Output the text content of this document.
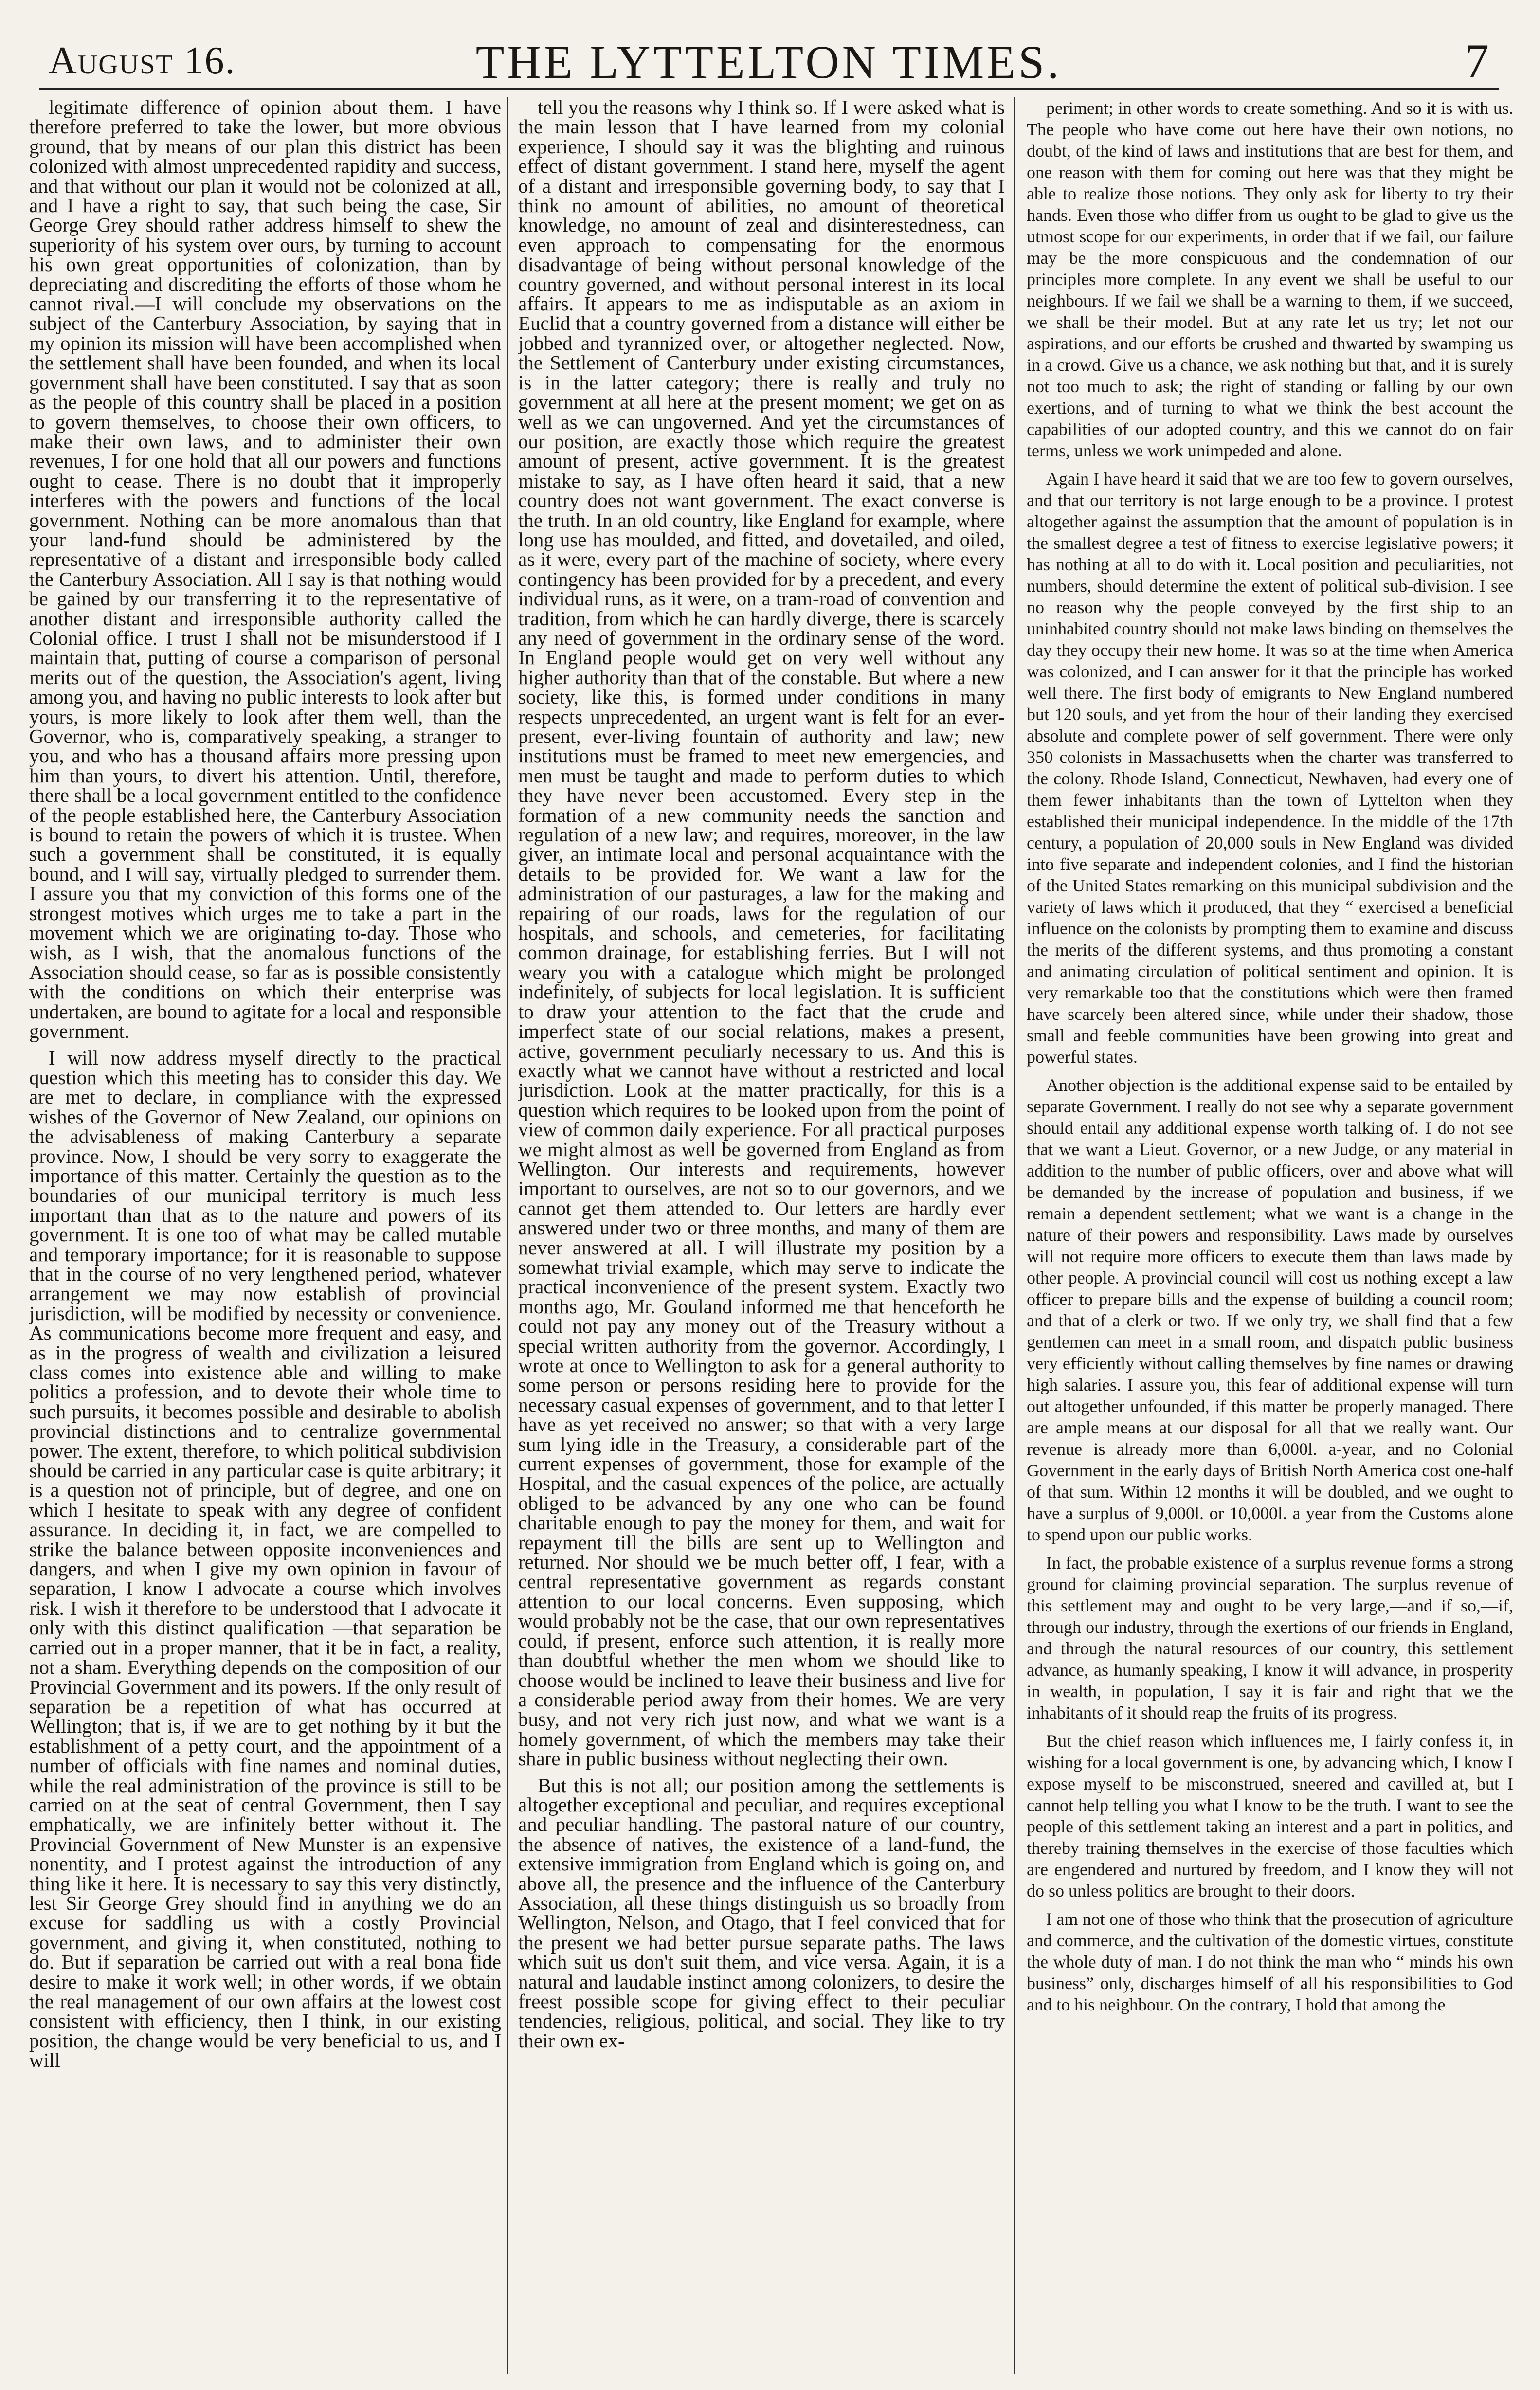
August 16.	THE LYTTELTON TIMES.	7

legitimate difference of opinion about them. I have therefore preferred to take the lower, but more obvious ground, that by means of our plan this district has been colonized with almost unprecedented rapidity and success, and that without our plan it would not be colonized at all, and I have a right to say, that such being the case, Sir George Grey should rather address himself to shew the superiority of his system over ours, by turning to account his own great opportunities of colonization, than by depreciating and discrediting the efforts of those whom he cannot rival.—I will conclude my observations on the subject of the Canterbury Association, by saying that in my opinion its mission will have been accomplished when the settlement shall have been founded, and when its local government shall have been constituted. I say that as soon as the people of this country shall be placed in a position to govern themselves, to choose their own officers, to make their own laws, and to administer their own revenues, I for one hold that all our powers and functions ought to cease. There is no doubt that it improperly interferes with the powers and functions of the local government. Nothing can be more anomalous than that your land-fund should be administered by the representative of a distant and irresponsible body called the Canterbury Association. All I say is that nothing would be gained by our transferring it to the representative of another distant and irresponsible authority called the Colonial office. I trust I shall not be misunderstood if I maintain that, putting of course a comparison of personal merits out of the question, the Association's agent, living among you, and having no public interests to look after but yours, is more likely to look after them well, than the Governor, who is, comparatively speaking, a stranger to you, and who has a thousand affairs more pressing upon him than yours, to divert his attention. Until, therefore, there shall be a local government entitled to the confidence of the people established here, the Canterbury Association is bound to retain the powers of which it is trustee. When such a government shall be constituted, it is equally bound, and I will say, virtually pledged to surrender them. I assure you that my conviction of this forms one of the strongest motives which urges me to take a part in the movement which we are originating to-day. Those who wish, as I wish, that the anomalous functions of the Association should cease, so far as is possible consistently with the conditions on which their enterprise was undertaken, are bound to agitate for a local and responsible government.

I will now address myself directly to the practical question which this meeting has to consider this day. We are met to declare, in compliance with the expressed wishes of the Governor of New Zealand, our opinions on the advisableness of making Canterbury a separate province. Now, I should be very sorry to exaggerate the importance of this matter. Certainly the question as to the boundaries of our municipal territory is much less important than that as to the nature and powers of its government. It is one too of what may be called mutable and temporary importance; for it is reasonable to suppose that in the course of no very lengthened period, whatever arrangement we may now establish of provincial jurisdiction, will be modified by necessity or convenience. As communications become more frequent and easy, and as in the progress of wealth and civilization a leisured class comes into existence able and willing to make politics a profession, and to devote their whole time to such pursuits, it becomes possible and desirable to abolish provincial distinctions and to centralize governmental power. The extent, therefore, to which political subdivision should be carried in any particular case is quite arbitrary; it is a question not of principle, but of degree, and one on which I hesitate to speak with any degree of confident assurance. In deciding it, in fact, we are compelled to strike the balance between opposite inconveniences and dangers, and when I give my own opinion in favour of separation, I know I advocate a course which involves risk. I wish it therefore to be understood that I advocate it only with this distinct qualification —that separation be carried out in a proper manner, that it be in fact, a reality, not a sham. Everything depends on the composition of our Provincial Government and its powers. If the only result of separation be a repetition of what has occurred at Wellington; that is, if we are to get nothing by it but the establishment of a petty court, and the appointment of a number of officials with fine names and nominal duties, while the real administration of the province is still to be carried on at the seat of central Government, then I say emphatically, we are infinitely better without it. The Provincial Government of New Munster is an expensive nonentity, and I protest against the introduction of any thing like it here. It is necessary to say this very distinctly, lest Sir George Grey should find in anything we do an excuse for saddling us with a costly Provincial government, and giving it, when constituted, nothing to do. But if separation be carried out with a real bona fide desire to make it work well; in other words, if we obtain the real management of our own affairs at the lowest cost consistent with efficiency, then I think, in our existing position, the change would be very beneficial to us, and I will

tell you the reasons why I think so. If I were asked what is the main lesson that I have learned from my colonial experience, I should say it was the blighting and ruinous effect of distant government. I stand here, myself the agent of a distant and irresponsible governing body, to say that I think no amount of abilities, no amount of theoretical knowledge, no amount of zeal and disinterestedness, can even approach to compensating for the enormous disadvantage of being without personal knowledge of the country governed, and without personal interest in its local affairs. It appears to me as indisputable as an axiom in Euclid that a country governed from a distance will either be jobbed and tyrannized over, or altogether neglected. Now, the Settlement of Canterbury under existing circumstances, is in the latter category; there is really and truly no government at all here at the present moment; we get on as well as we can ungoverned. And yet the circumstances of our position, are exactly those which require the greatest amount of present, active government. It is the greatest mistake to say, as I have often heard it said, that a new country does not want government. The exact converse is the truth. In an old country, like England for example, where long use has moulded, and fitted, and dovetailed, and oiled, as it were, every part of the machine of society, where every contingency has been provided for by a precedent, and every individual runs, as it were, on a tram-road of convention and tradition, from which he can hardly diverge, there is scarcely any need of government in the ordinary sense of the word. In England people would get on very well without any higher authority than that of the constable. But where a new society, like this, is formed under conditions in many respects unprecedented, an urgent want is felt for an ever-present, ever-living fountain of authority and law; new institutions must be framed to meet new emergencies, and men must be taught and made to perform duties to which they have never been accustomed. Every step in the formation of a new community needs the sanction and regulation of a new law; and requires, moreover, in the law giver, an intimate local and personal acquaintance with the details to be provided for. We want a law for the administration of our pasturages, a law for the making and repairing of our roads, laws for the regulation of our hospitals, and schools, and cemeteries, for facilitating common drainage, for establishing ferries. But I will not weary you with a catalogue which might be prolonged indefinitely, of subjects for local legislation. It is sufficient to draw your attention to the fact that the crude and imperfect state of our social relations, makes a present, active, government peculiarly necessary to us. And this is exactly what we cannot have without a restricted and local jurisdiction. Look at the matter practically, for this is a question which requires to be looked upon from the point of view of common daily experience. For all practical purposes we might almost as well be governed from England as from Wellington. Our interests and requirements, however important to ourselves, are not so to our governors, and we cannot get them attended to. Our letters are hardly ever answered under two or three months, and many of them are never answered at all. I will illustrate my position by a somewhat trivial example, which may serve to indicate the practical inconvenience of the present system. Exactly two months ago, Mr. Gouland informed me that henceforth he could not pay any money out of the Treasury without a special written authority from the governor. Accordingly, I wrote at once to Wellington to ask for a general authority to some person or persons residing here to provide for the necessary casual expenses of government, and to that letter I have as yet received no answer; so that with a very large sum lying idle in the Treasury, a considerable part of the current expenses of government, those for example of the Hospital, and the casual expences of the police, are actually obliged to be advanced by any one who can be found charitable enough to pay the money for them, and wait for repayment till the bills are sent up to Wellington and returned. Nor should we be much better off, I fear, with a central representative government as regards constant attention to our local concerns. Even supposing, which would probably not be the case, that our own representatives could, if present, enforce such attention, it is really more than doubtful whether the men whom we should like to choose would be inclined to leave their business and live for a considerable period away from their homes. We are very busy, and not very rich just now, and what we want is a homely government, of which the members may take their share in public business without neglecting their own.

But this is not all; our position among the settlements is altogether exceptional and peculiar, and requires exceptional and peculiar handling. The pastoral nature of our country, the absence of natives, the existence of a land-fund, the extensive immigration from England which is going on, and above all, the presence and the influence of the Canterbury Association, all these things distinguish us so broadly from Wellington, Nelson, and Otago, that I feel conviced that for the present we had better pursue separate paths. The laws which suit us don't suit them, and vice versa. Again, it is a natural and laudable instinct among colonizers, to desire the freest possible scope for giving effect to their peculiar tendencies, religious, political, and social. They like to try their own ex-

periment; in other words to create something. And so it is with us. The people who have come out here have their own notions, no doubt, of the kind of laws and institutions that are best for them, and one reason with them for coming out here was that they might be able to realize those notions. They only ask for liberty to try their hands. Even those who differ from us ought to be glad to give us the utmost scope for our experiments, in order that if we fail, our failure may be the more conspicuous and the condemnation of our principles more complete. In any event we shall be useful to our neighbours. If we fail we shall be a warning to them, if we succeed, we shall be their model. But at any rate let us try; let not our aspirations, and our efforts be crushed and thwarted by swamping us in a crowd. Give us a chance, we ask nothing but that, and it is surely not too much to ask; the right of standing or falling by our own exertions, and of turning to what we think the best account the capabilities of our adopted country, and this we cannot do on fair terms, unless we work unimpeded and alone.

Again I have heard it said that we are too few to govern ourselves, and that our territory is not large enough to be a province. I protest altogether against the assumption that the amount of population is in the smallest degree a test of fitness to exercise legislative powers; it has nothing at all to do with it. Local position and peculiarities, not numbers, should determine the extent of political sub-division. I see no reason why the people conveyed by the first ship to an uninhabited country should not make laws binding on themselves the day they occupy their new home. It was so at the time when America was colonized, and I can answer for it that the principle has worked well there. The first body of emigrants to New England numbered but 120 souls, and yet from the hour of their landing they exercised absolute and complete power of self government. There were only 350 colonists in Massachusetts when the charter was transferred to the colony. Rhode Island, Connecticut, Newhaven, had every one of them fewer inhabitants than the town of Lyttelton when they established their municipal independence. In the middle of the 17th century, a population of 20,000 souls in New England was divided into five separate and independent colonies, and I find the historian of the United States remarking on this municipal subdivision and the variety of laws which it produced, that they “ exercised a beneficial influence on the colonists by prompting them to examine and discuss the merits of the different systems, and thus promoting a constant and animating circulation of political sentiment and opinion. It is very remarkable too that the constitutions which were then framed have scarcely been altered since, while under their shadow, those small and feeble communities have been growing into great and powerful states.

Another objection is the additional expense said to be entailed by separate Government. I really do not see why a separate government should entail any additional expense worth talking of. I do not see that we want a Lieut. Governor, or a new Judge, or any material in addition to the number of public officers, over and above what will be demanded by the increase of population and business, if we remain a dependent settlement; what we want is a change in the nature of their powers and responsibility. Laws made by ourselves will not require more officers to execute them than laws made by other people. A provincial council will cost us nothing except a law officer to prepare bills and the expense of building a council room; and that of a clerk or two. If we only try, we shall find that a few gentlemen can meet in a small room, and dispatch public business very efficiently without calling themselves by fine names or drawing high salaries. I assure you, this fear of additional expense will turn out altogether unfounded, if this matter be properly managed. There are ample means at our disposal for all that we really want. Our revenue is already more than 6,000l. a-year, and no Colonial Government in the early days of British North America cost one-half of that sum. Within 12 months it will be doubled, and we ought to have a surplus of 9,000l. or 10,000l. a year from the Customs alone to spend upon our public works.

In fact, the probable existence of a surplus revenue forms a strong ground for claiming provincial separation. The surplus revenue of this settlement may and ought to be very large,—and if so,—if, through our industry, through the exertions of our friends in England, and through the natural resources of our country, this settlement advance, as humanly speaking, I know it will advance, in prosperity in wealth, in population, I say it is fair and right that we the inhabitants of it should reap the fruits of its progress.

But the chief reason which influences me, I fairly confess it, in wishing for a local government is one, by advancing which, I know I expose myself to be misconstrued, sneered and cavilled at, but I cannot help telling you what I know to be the truth. I want to see the people of this settlement taking an interest and a part in politics, and thereby training themselves in the exercise of those faculties which are engendered and nurtured by freedom, and I know they will not do so unless politics are brought to their doors.

I am not one of those who think that the prosecution of agriculture and commerce, and the cultivation of the domestic virtues, constitute the whole duty of man. I do not think the man who “ minds his own business” only, discharges himself of all his responsibilities to God and to his neighbour. On the contrary, I hold that among the
